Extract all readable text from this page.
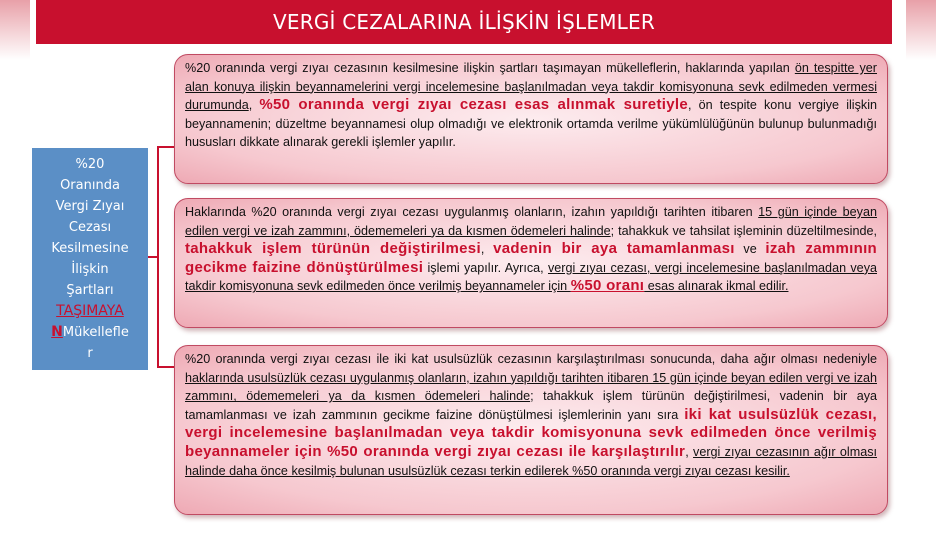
VERGİ CEZALARINA İLİŞKİN İŞLEMLER
%20
Oranında
Vergi Zıyaı
Cezası
Kesilmesine
İlişkin
Şartları
TAŞIMAYA
NMükellefle
r
%20 oranında vergi zıyaı cezasının kesilmesine ilişkin şartları taşımayan mükelleflerin, haklarında yapılan ön tespitte yer alan konuya ilişkin beyannamelerini vergi incelemesine başlanılmadan veya takdir komisyonuna sevk edilmeden vermesi durumunda, %50 oranında vergi zıyaı cezası esas alınmak suretiyle, ön tespite konu vergiye ilişkin beyannamenin; düzeltme beyannamesi olup olmadığı ve elektronik ortamda verilme yükümlülüğünün bulunup bulunmadığı hususları dikkate alınarak gerekli işlemler yapılır.
Haklarında %20 oranında vergi zıyaı cezası uygulanmış olanların, izahın yapıldığı tarihten itibaren 15 gün içinde beyan edilen vergi ve izah zammını, ödememeleri ya da kısmen ödemeleri halinde; tahakkuk ve tahsilat işleminin düzeltilmesinde, tahakkuk işlem türünün değiştirilmesi, vadenin bir aya tamamlanması ve izah zammının gecikme faizine dönüştürülmesi işlemi yapılır. Ayrıca, vergi zıyaı cezası, vergi incelemesine başlanılmadan veya takdir komisyonuna sevk edilmeden önce verilmiş beyannameler için %50 oranı esas alınarak ikmal edilir.
%20 oranında vergi zıyaı cezası ile iki kat usulsüzlük cezasının karşılaştırılması sonucunda, daha ağır olması nedeniyle haklarında usulsüzlük cezası uygulanmış olanların, izahın yapıldığı tarihten itibaren 15 gün içinde beyan edilen vergi ve izah zammını, ödememeleri ya da kısmen ödemeleri halinde; tahakkuk işlem türünün değiştirilmesi, vadenin bir aya tamamlanması ve izah zammının gecikme faizine dönüştülmesi işlemlerinin yanı sıra iki kat usulsüzlük cezası, vergi incelemesine başlanılmadan veya takdir komisyonuna sevk edilmeden önce verilmiş beyannameler için %50 oranında vergi zıyaı cezası ile karşılaştırılır, vergi zıyaı cezasının ağır olması halinde daha önce kesilmiş bulunan usulsüzlük cezası terkin edilerek %50 oranında vergi zıyaı cezası kesilir.
